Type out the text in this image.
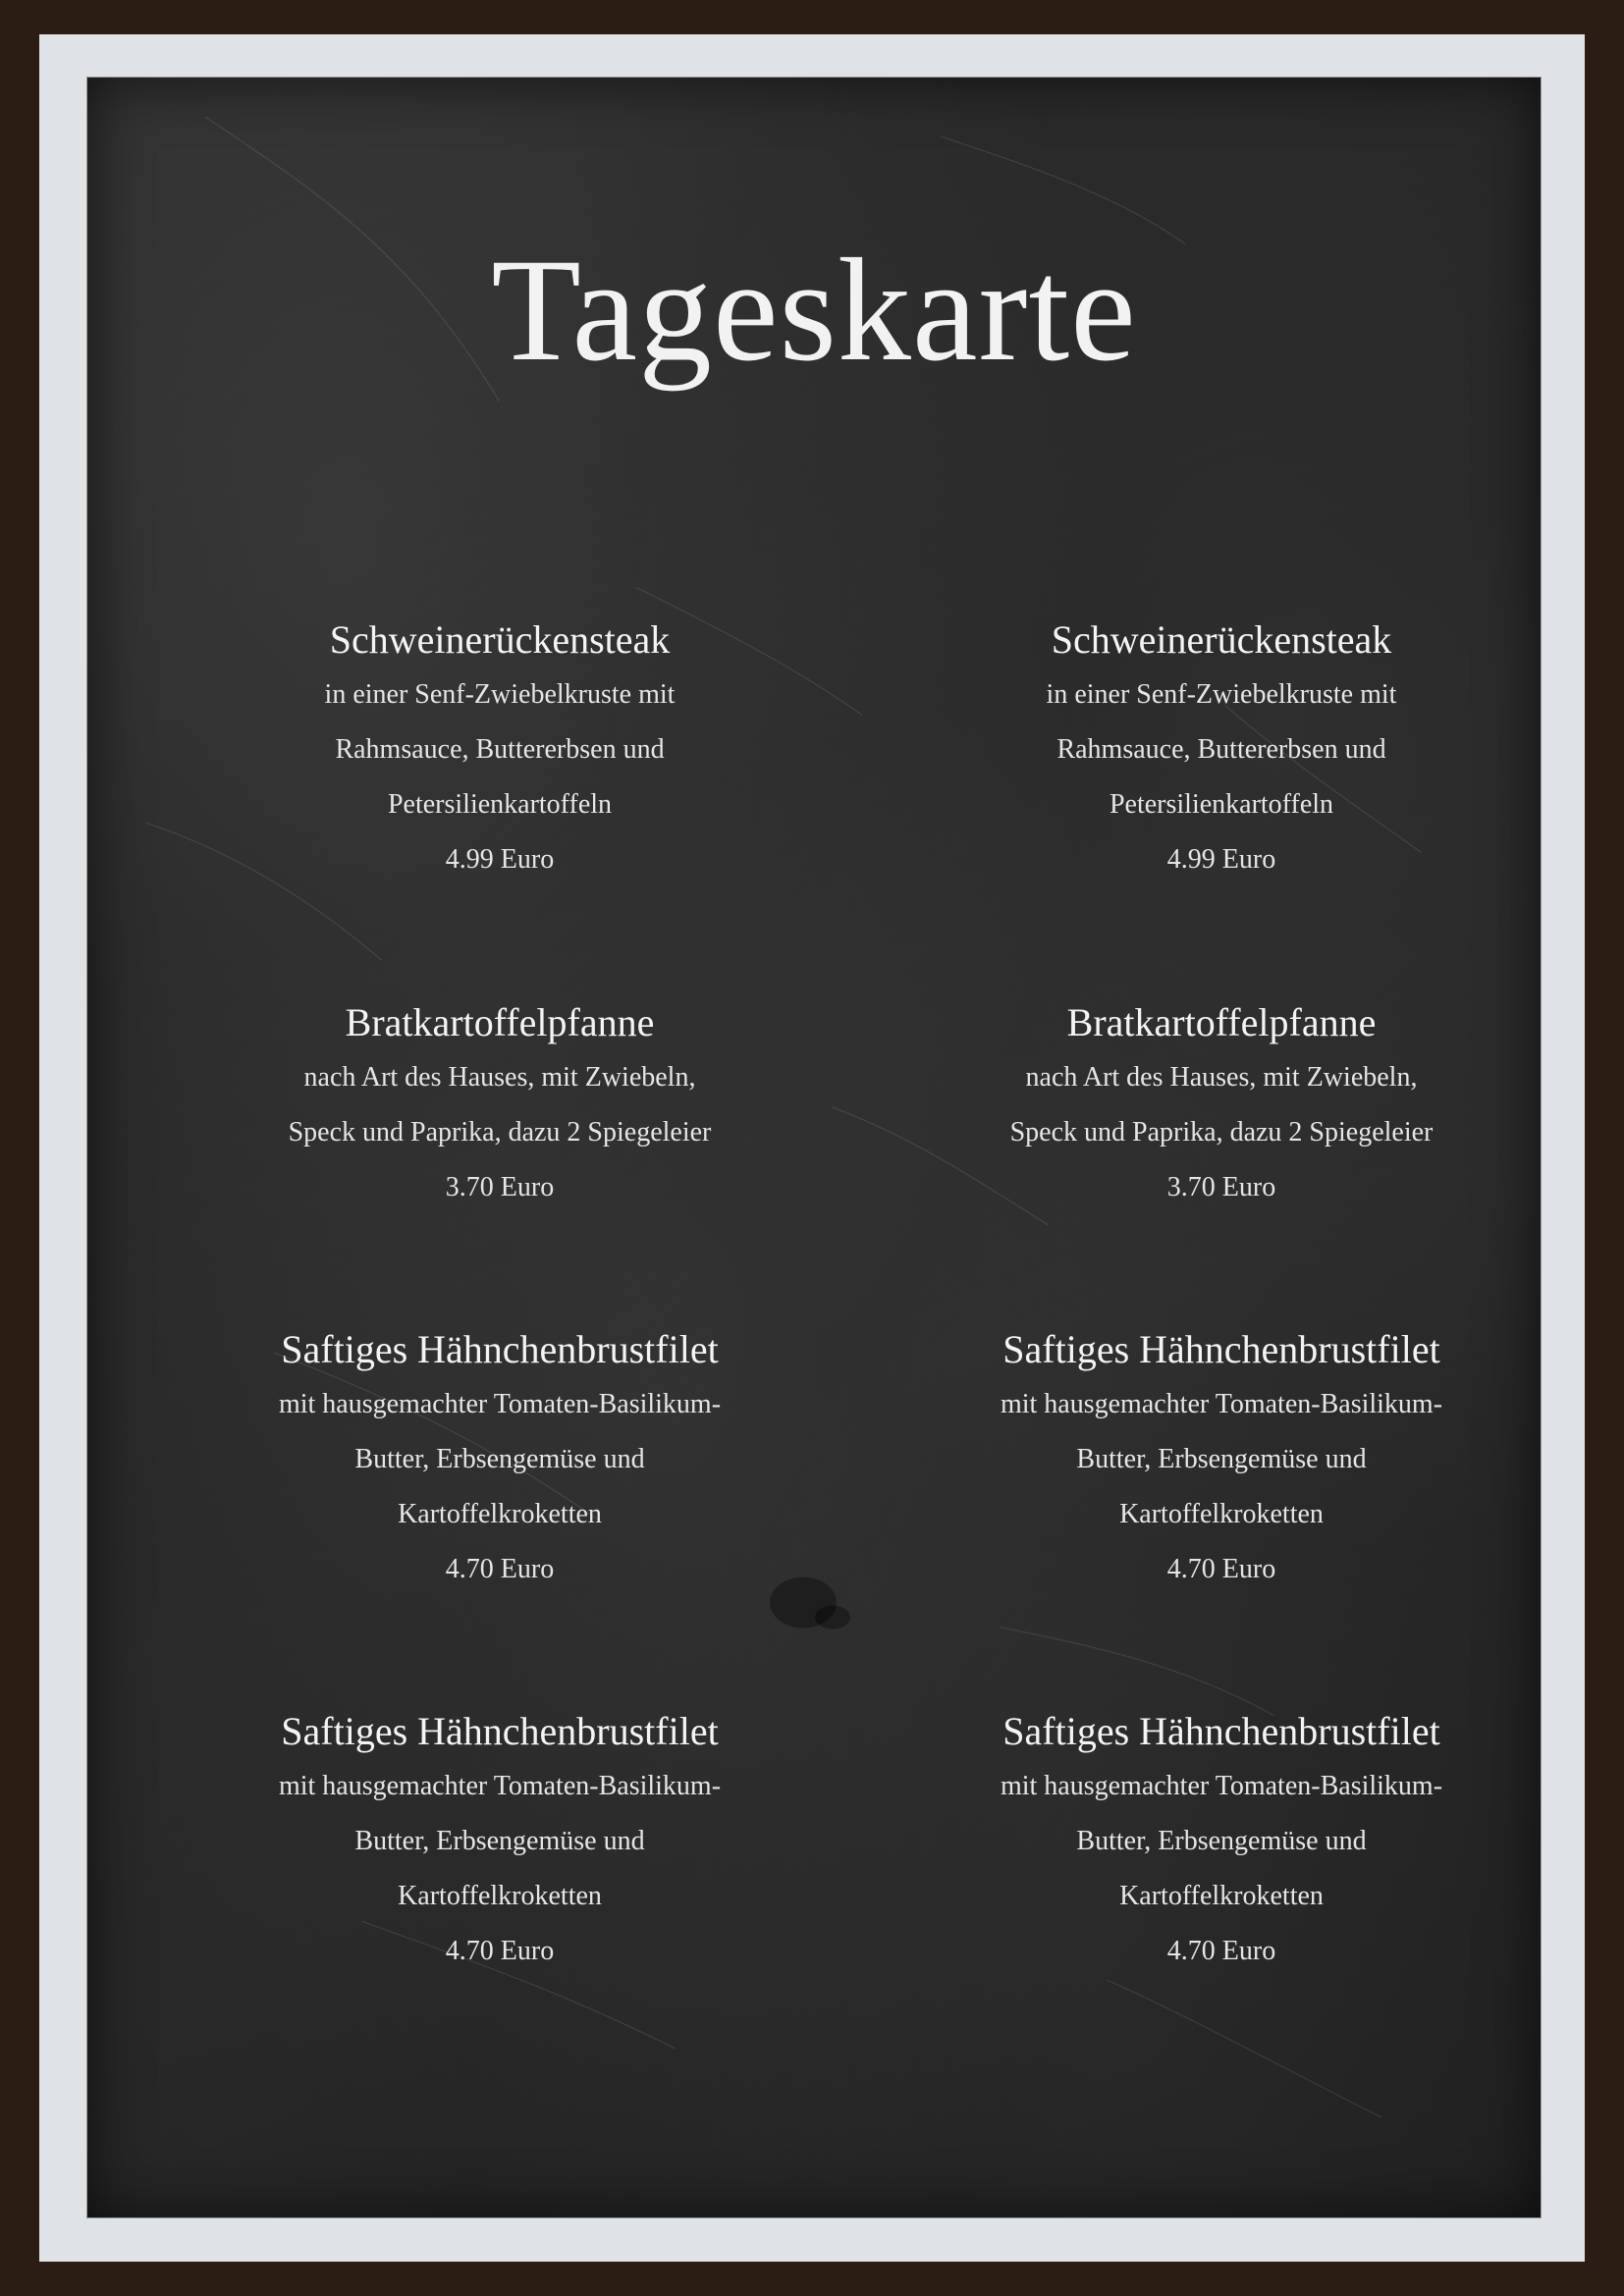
Tageskarte
Schweinerückensteak
in einer Senf-Zwiebelkruste mit
Rahmsauce, Buttererbsen und
Petersilienkartoffeln
4.99 Euro
Schweinerückensteak
in einer Senf-Zwiebelkruste mit
Rahmsauce, Buttererbsen und
Petersilienkartoffeln
4.99 Euro
Bratkartoffelpfanne
nach Art des Hauses, mit Zwiebeln,
Speck und Paprika, dazu 2 Spiegeleier
3.70 Euro
Bratkartoffelpfanne
nach Art des Hauses, mit Zwiebeln,
Speck und Paprika, dazu 2 Spiegeleier
3.70 Euro
Saftiges Hähnchenbrustfilet
mit hausgemachter Tomaten-Basilikum-
Butter, Erbsengemüse und
Kartoffelkroketten
4.70 Euro
Saftiges Hähnchenbrustfilet
mit hausgemachter Tomaten-Basilikum-
Butter, Erbsengemüse und
Kartoffelkroketten
4.70 Euro
Saftiges Hähnchenbrustfilet
mit hausgemachter Tomaten-Basilikum-
Butter, Erbsengemüse und
Kartoffelkroketten
4.70 Euro
Saftiges Hähnchenbrustfilet
mit hausgemachter Tomaten-Basilikum-
Butter, Erbsengemüse und
Kartoffelkroketten
4.70 Euro
